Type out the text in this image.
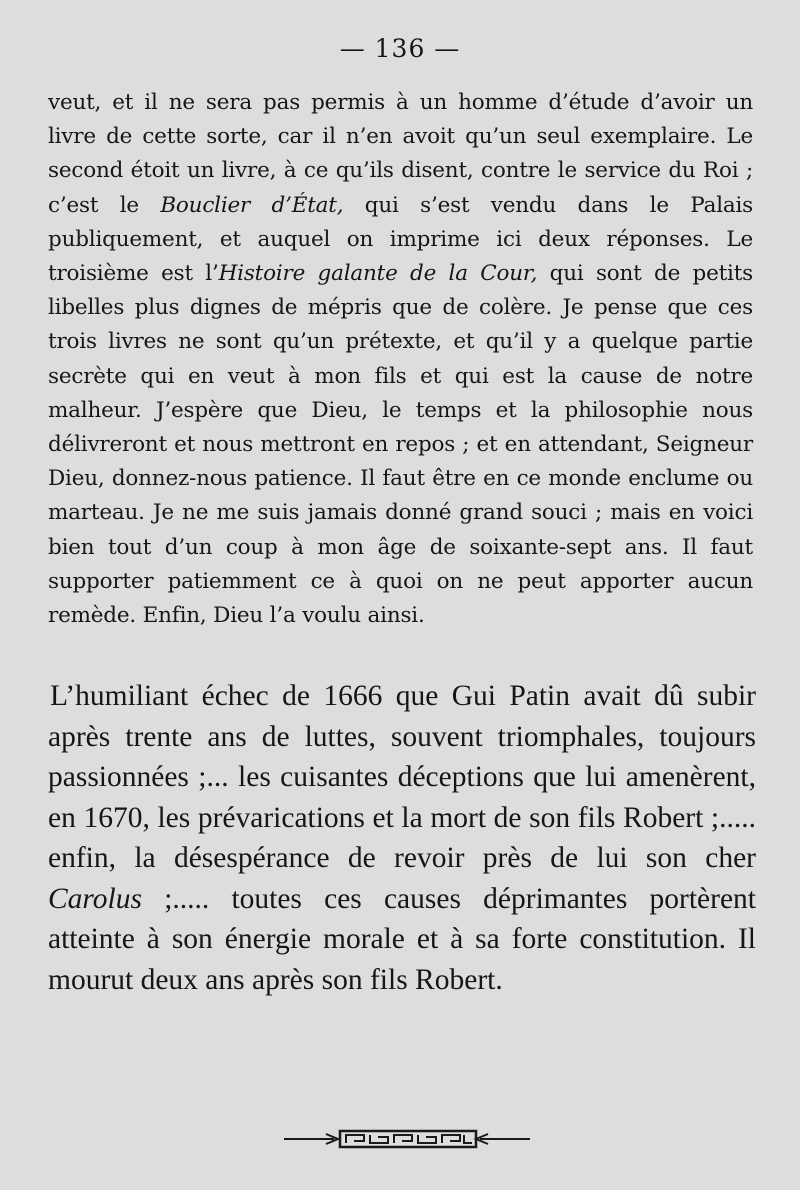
— 136 —
veut, et il ne sera pas permis à un homme d’étude d’avoir un livre de cette sorte, car il n’en avoit qu’un seul exemplaire. Le second étoit un livre, à ce qu’ils disent, contre le service du Roi ; c’est le Bouclier d’État, qui s’est vendu dans le Palais publiquement, et auquel on imprime ici deux réponses. Le troisième est l’Histoire galante de la Cour, qui sont de petits libelles plus dignes de mépris que de colère. Je pense que ces trois livres ne sont qu’un prétexte, et qu’il y a quelque partie secrète qui en veut à mon fils et qui est la cause de notre malheur. J’espère que Dieu, le temps et la philosophie nous délivreront et nous mettront en repos ; et en attendant, Seigneur Dieu, donnez-nous patience. Il faut être en ce monde enclume ou marteau. Je ne me suis jamais donné grand souci ; mais en voici bien tout d’un coup à mon âge de soixante-sept ans. Il faut supporter patiemment ce à quoi on ne peut apporter aucun remède. Enfin, Dieu l’a voulu ainsi.
L’humiliant échec de 1666 que Gui Patin avait dû subir après trente ans de luttes, souvent triomphales, toujours passionnées ;... les cuisantes déceptions que lui amenèrent, en 1670, les prévarications et la mort de son fils Robert ;..... enfin, la désespérance de revoir près de lui son cher Carolus ;..... toutes ces causes déprimantes portèrent atteinte à son énergie morale et à sa forte constitution. Il mourut deux ans après son fils Robert.
